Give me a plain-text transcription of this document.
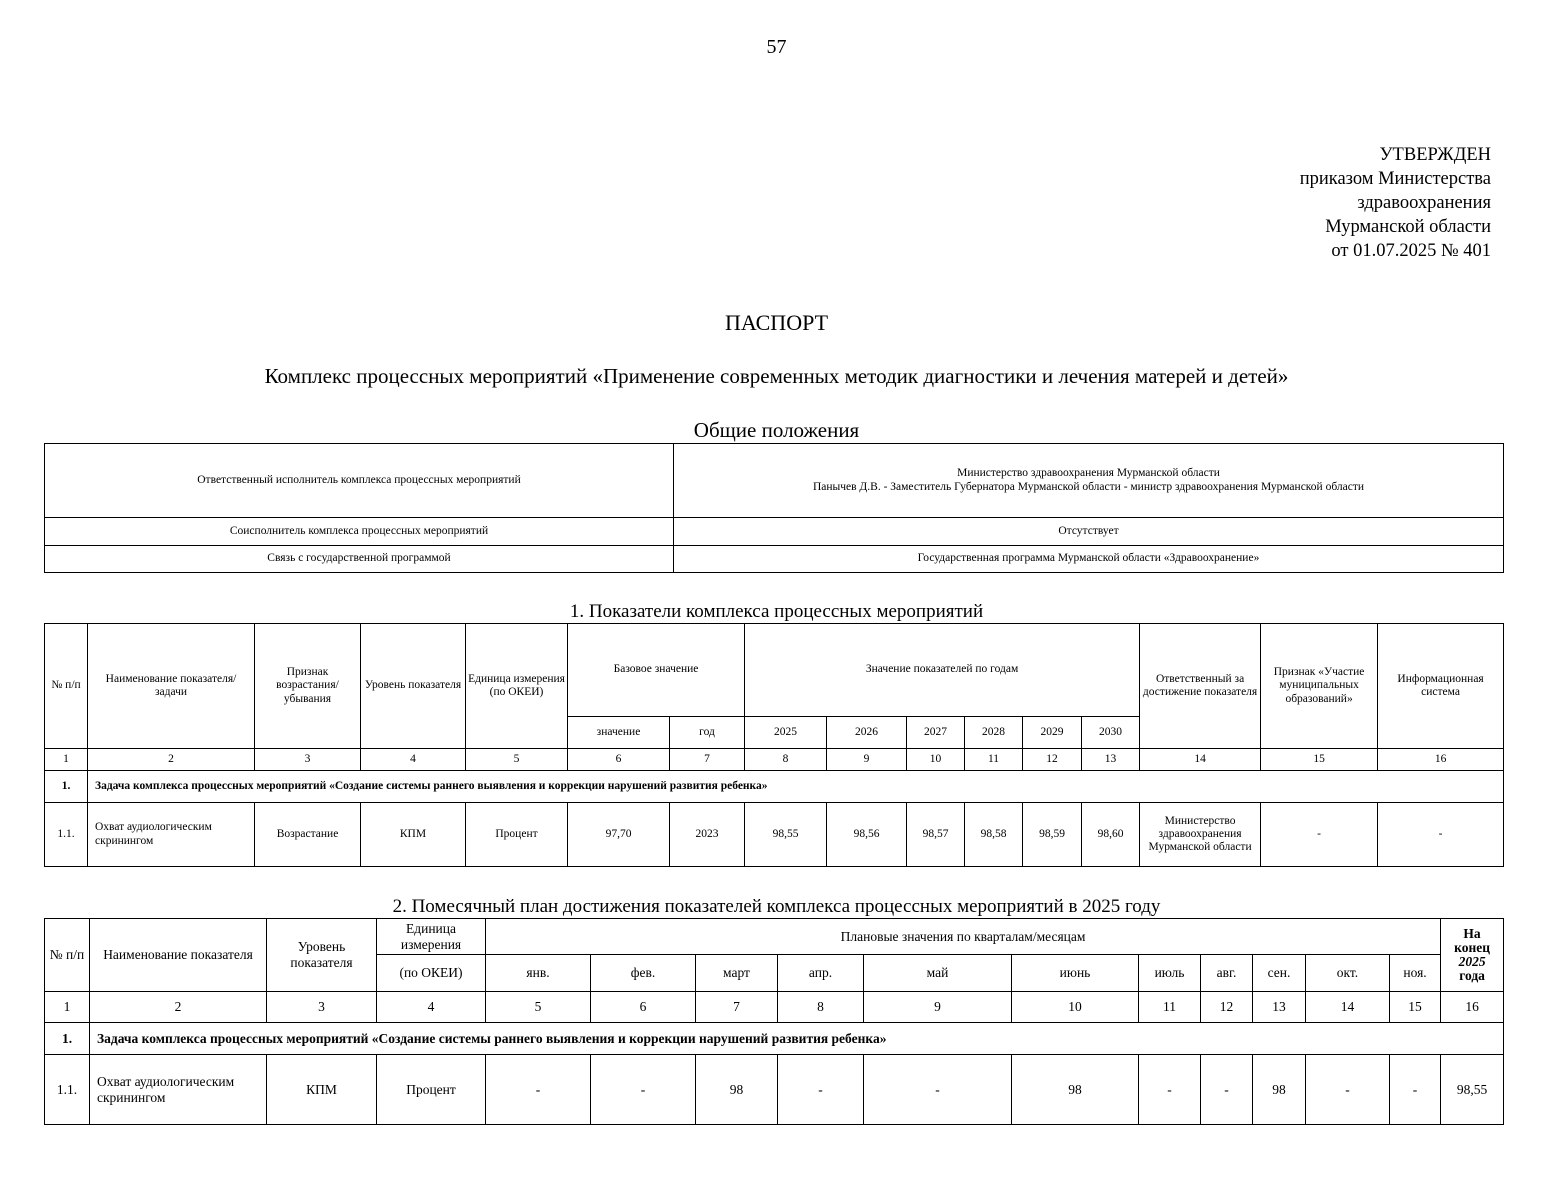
57
УТВЕРЖДЕН
приказом Министерства
здравоохранения
Мурманской области
от 01.07.2025 № 401
ПАСПОРТ
Комплекс процессных мероприятий «Применение современных методик диагностики и лечения матерей и детей»
Общие положения
Ответственный исполнитель комплекса процессных мероприятий	Министерство здравоохранения Мурманской области
Панычев Д.В. - Заместитель Губернатора Мурманской области - министр здравоохранения Мурманской области

Соисполнитель комплекса процессных мероприятий	Отсутствует
Связь с государственной программой	Государственная программа Мурманской области «Здравоохранение»
1. Показатели комплекса процессных мероприятий
№ п/п	Наименование показателя/задачи	Признак возрастания/ убывания	Уровень показателя	Единица измерения (по ОКЕИ)	Базовое значение		Значение показателей по годам						Ответственный за достижение показателя	Признак «Участие муниципальных образований»	Информационная система
					значение	год	2025	2026	2027	2028	2029	2030			
1	2	3	4	5	6	7	8	9	10	11	12	13	14	15	16
1.	Задача комплекса процессных мероприятий «Создание системы раннего выявления и коррекции нарушений развития ребенка»														
1.1.	Охват аудиологическим скринингом	Возрастание	КПМ	Процент	97,70	2023	98,55	98,56	98,57	98,58	98,59	98,60	Министерство здравоохранения Мурманской области	-	-
2. Помесячный план достижения показателей комплекса процессных мероприятий в 2025 году
№ п/п	Наименование показателя	Уровень показателя	Единица измерения	Плановые значения по кварталам/месяцам											На
конец
2025
года

			(по ОКЕИ)	янв.	фев.	март	апр.	май	июнь	июль	авг.	сен.	окт.	ноя.	
1	2	3	4	5	6	7	8	9	10	11	12	13	14	15	16
1.	Задача комплекса процессных мероприятий «Создание системы раннего выявления и коррекции нарушений развития ребенка»														
1.1.	Охват аудиологическим скринингом	КПМ	Процент	-	-	98	-	-	98	-	-	98	-	-	98,55
